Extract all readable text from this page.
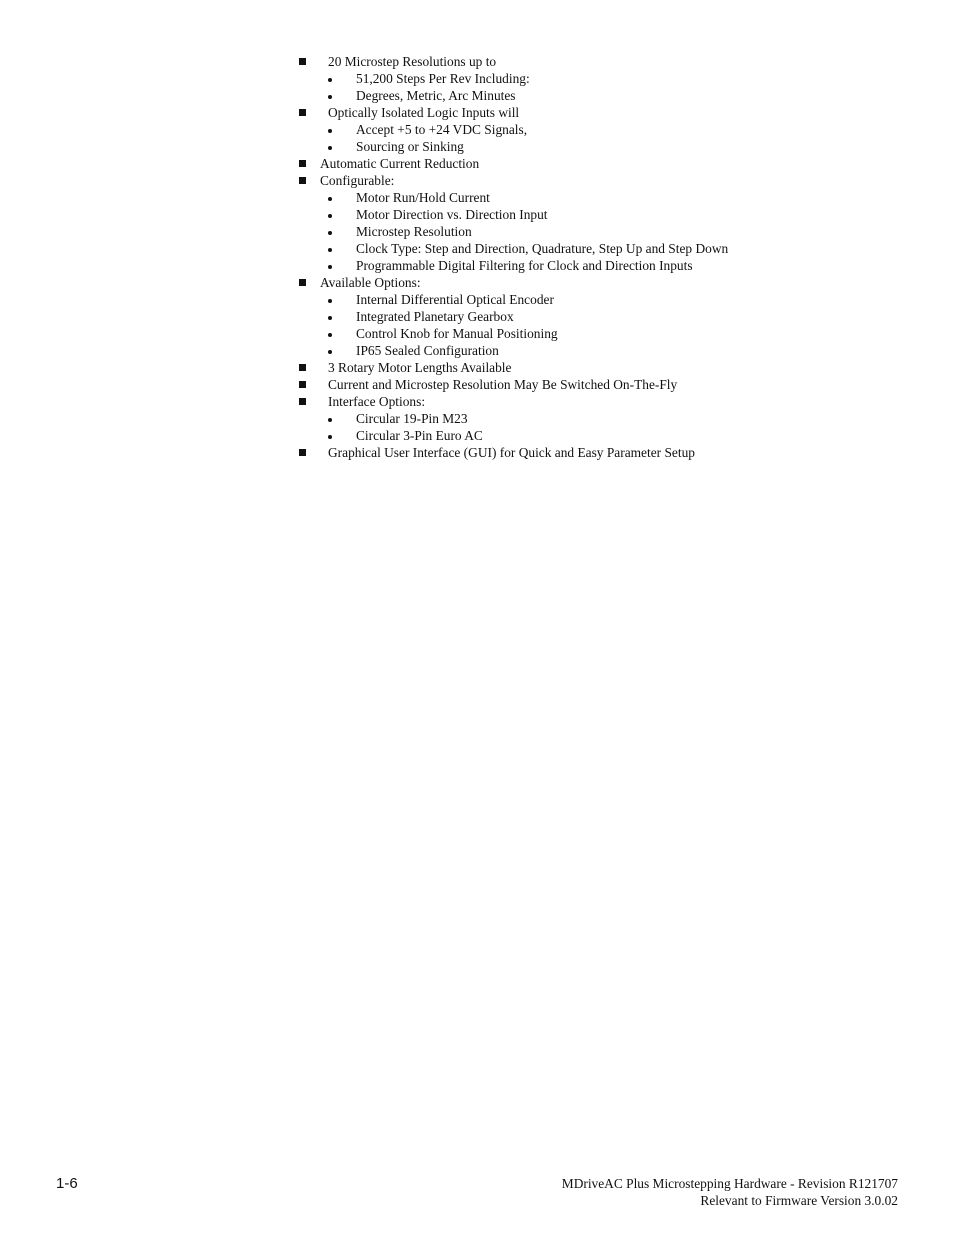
20 Microstep Resolutions up to
51,200 Steps Per Rev Including:
Degrees, Metric, Arc Minutes
Optically Isolated Logic Inputs will
Accept +5 to +24 VDC Signals,
Sourcing or Sinking
Automatic Current Reduction
Configurable:
Motor Run/Hold Current
Motor Direction vs. Direction Input
Microstep Resolution
Clock Type: Step and Direction, Quadrature, Step Up and Step Down
Programmable Digital Filtering for Clock and Direction Inputs
Available Options:
Internal Differential Optical Encoder
Integrated Planetary Gearbox
Control Knob for Manual Positioning
IP65 Sealed Configuration
3 Rotary Motor Lengths Available
Current and Microstep Resolution May Be Switched On-The-Fly
Interface Options:
Circular 19-Pin M23
Circular 3-Pin Euro AC
Graphical User Interface (GUI) for Quick and Easy Parameter Setup
1-6	MDriveAC Plus Microstepping Hardware - Revision R121707
Relevant to Firmware Version 3.0.02
